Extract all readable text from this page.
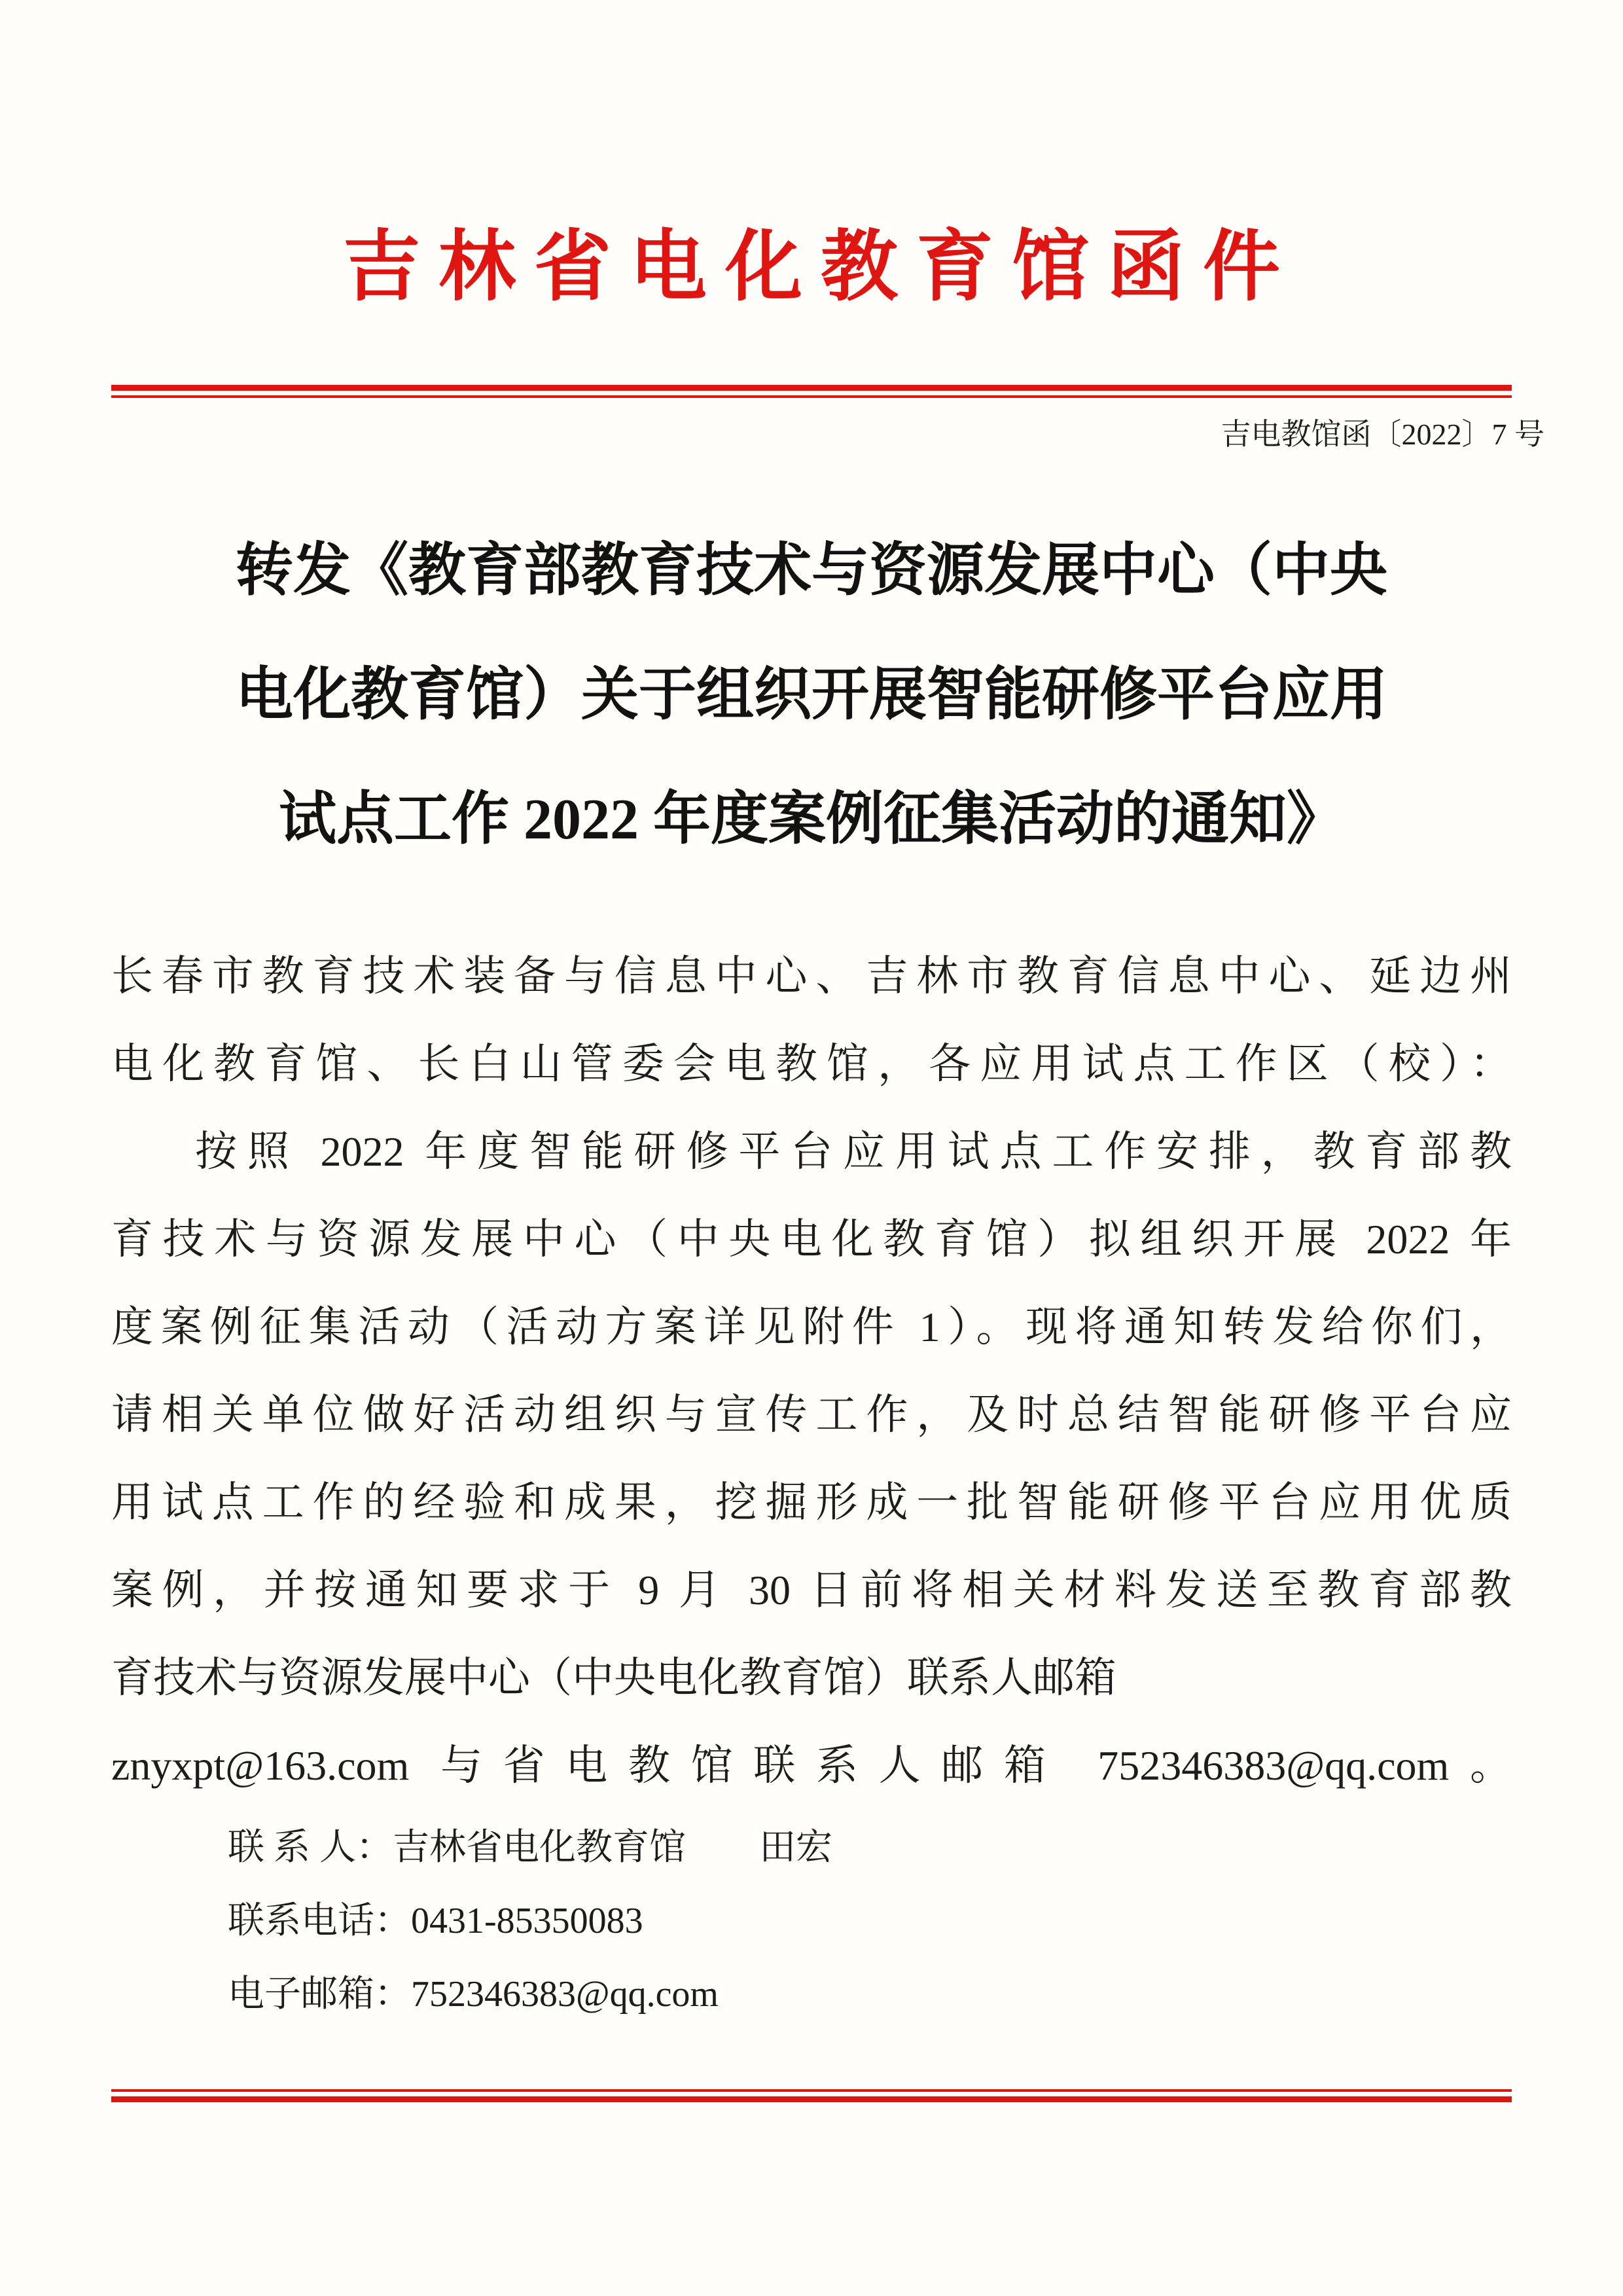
吉林省电化教育馆函件
吉电教馆函〔2022〕7 号
转发《教育部教育技术与资源发展中心（中央
电化教育馆）关于组织开展智能研修平台应用
试点工作 2022 年度案例征集活动的通知》

长春市教育技术装备与信息中心、吉林市教育信息中心、延边州

电化教育馆、长白山管委会电教馆，各应用试点工作区（校）：

按照 2022 年度智能研修平台应用试点工作安排，教育部教

育技术与资源发展中心（中央电化教育馆）拟组织开展 2022 年

度案例征集活动（活动方案详见附件 1）。现将通知转发给你们，

请相关单位做好活动组织与宣传工作，及时总结智能研修平台应

用试点工作的经验和成果，挖掘形成一批智能研修平台应用优质

案例，并按通知要求于 9 月 30 日前将相关材料发送至教育部教

育技术与资源发展中心（中央电化教育馆）联系人邮箱

znyxpt@163.com 与省电教馆联系人邮箱 752346383@qq.com。

联 系 人：吉林省电化教育馆　　田宏

联系电话：0431-85350083

电子邮箱：752346383@qq.com
